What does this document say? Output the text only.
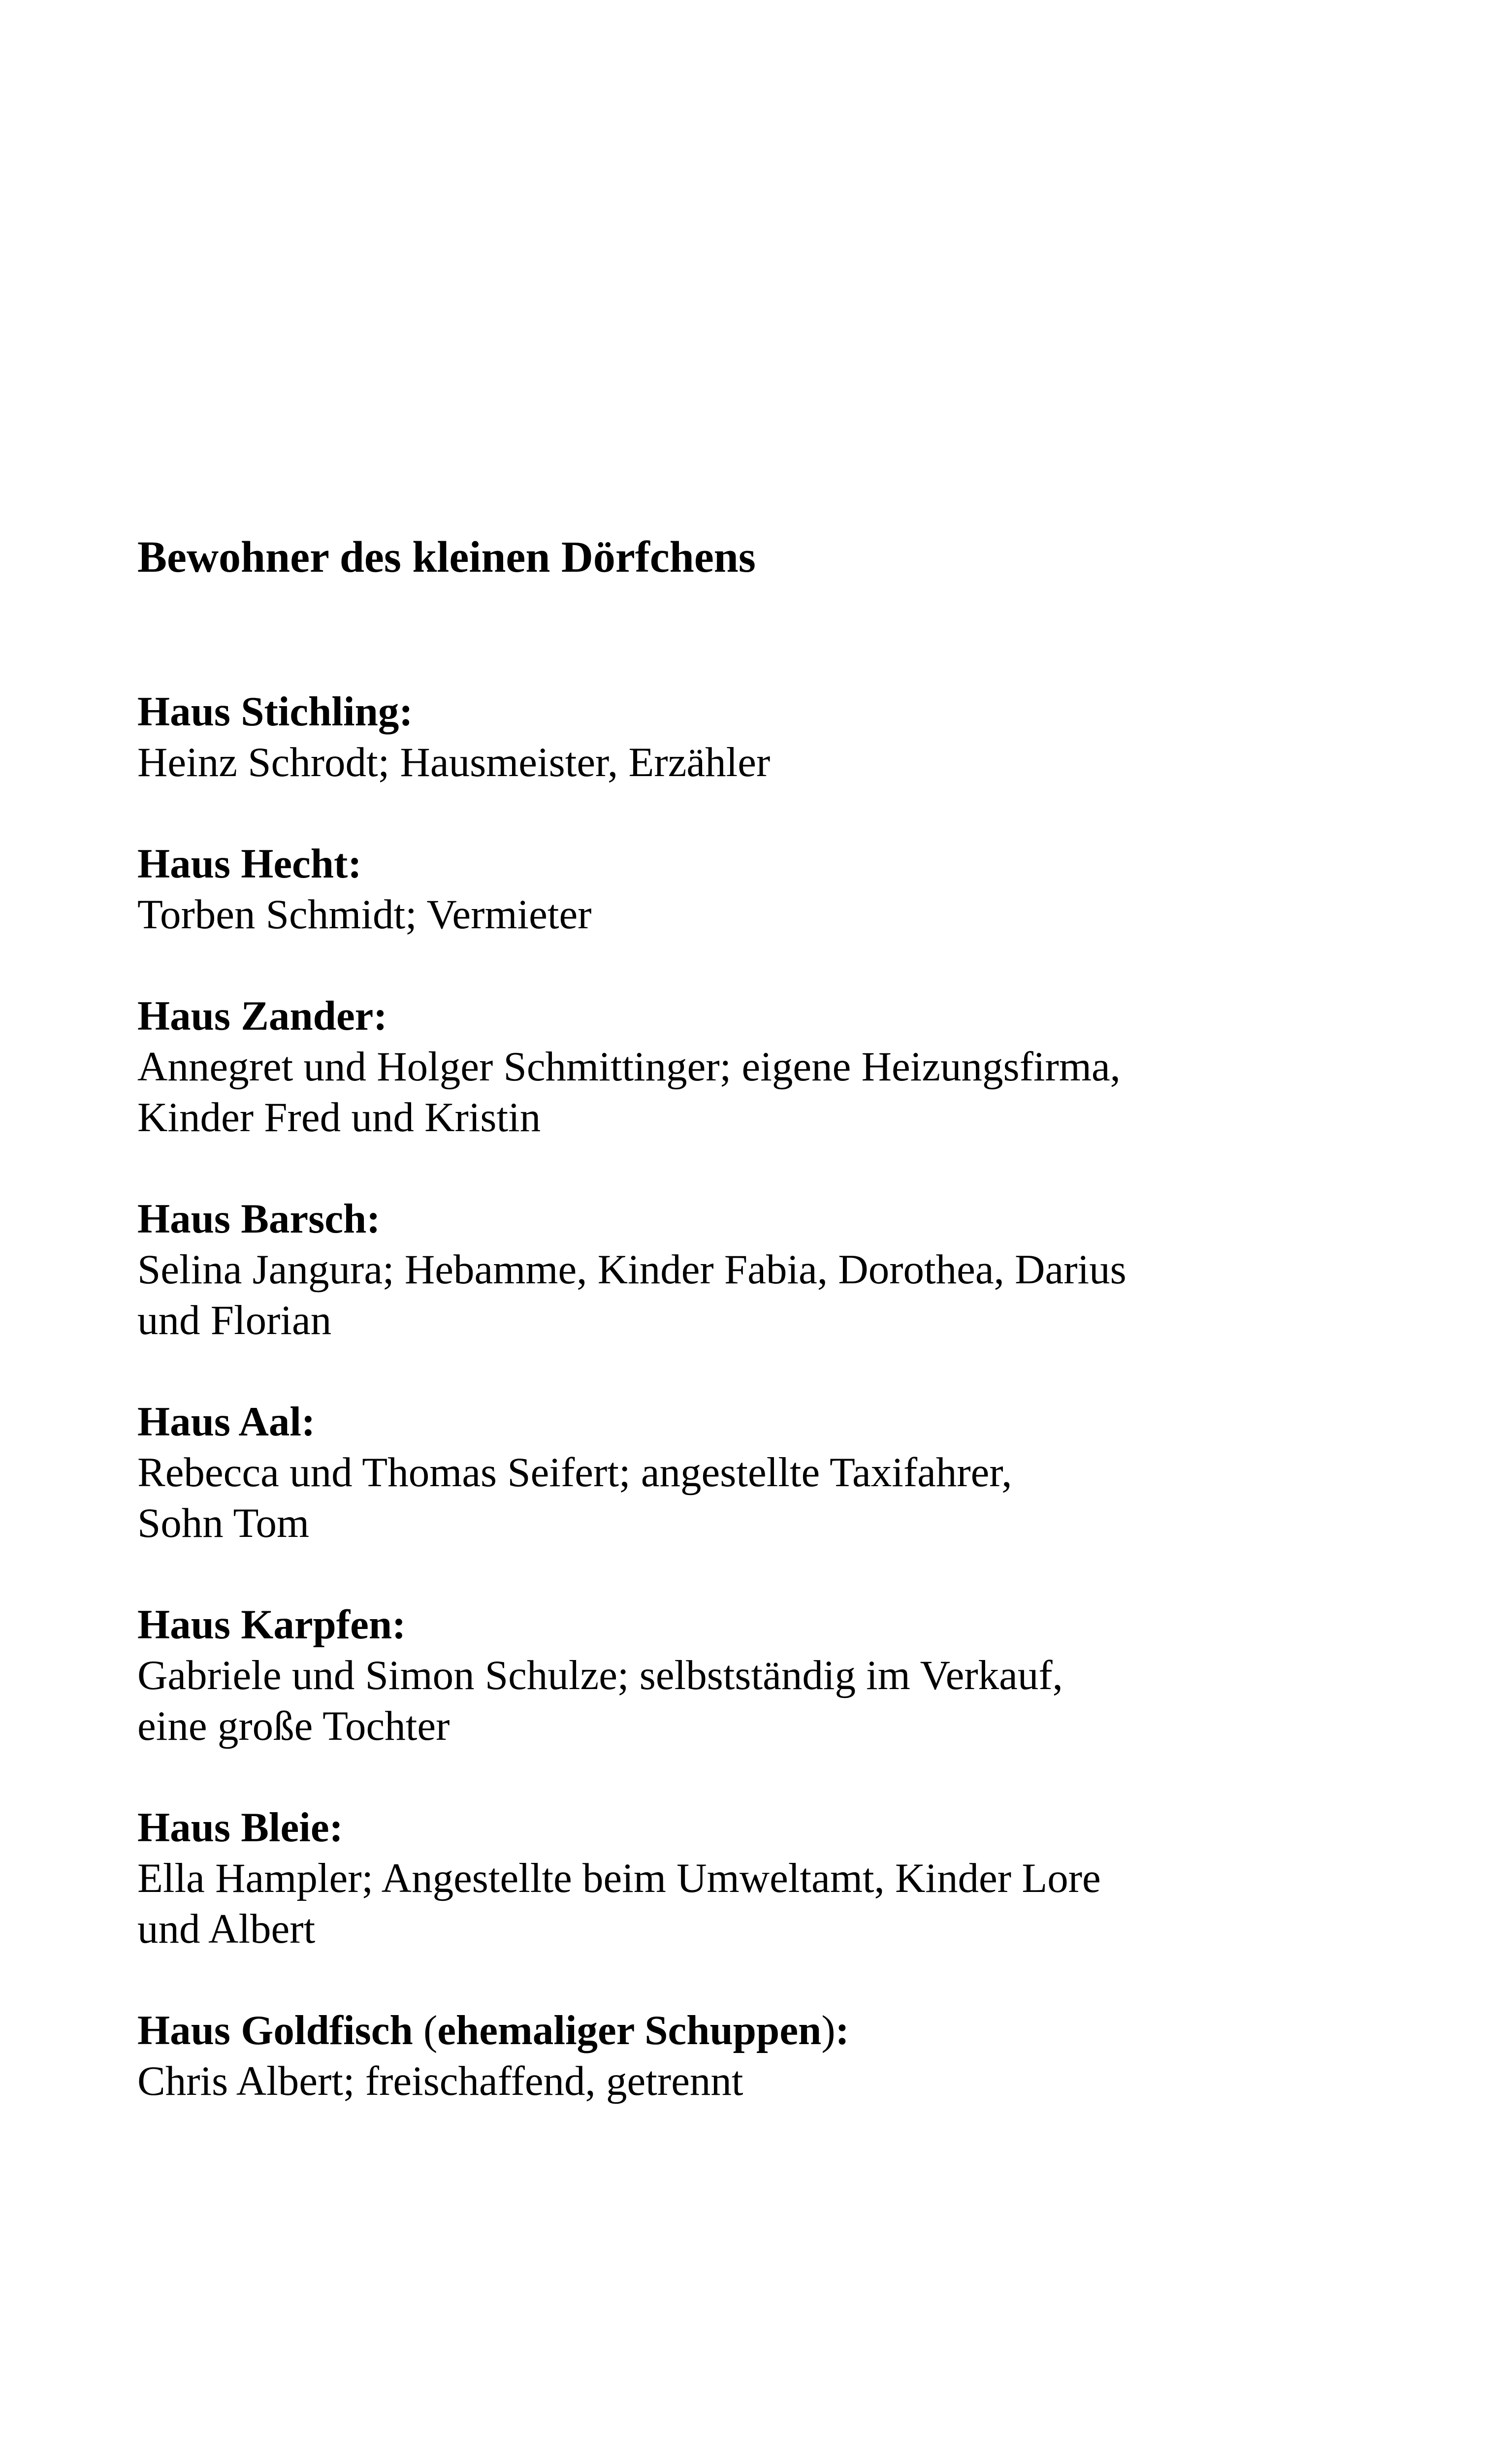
Bewohner des kleinen Dörfchens
Haus Stichling:
Heinz Schrodt; Hausmeister, Erzähler
Haus Hecht:
Torben Schmidt; Vermieter
Haus Zander:
Annegret und Holger Schmittinger; eigene Heizungsfirma,
Kinder Fred und Kristin
Haus Barsch:
Selina Jangura; Hebamme, Kinder Fabia, Dorothea, Darius
und Florian
Haus Aal:
Rebecca und Thomas Seifert; angestellte Taxifahrer,
Sohn Tom
Haus Karpfen:
Gabriele und Simon Schulze; selbstständig im Verkauf,
eine große Tochter
Haus Bleie:
Ella Hampler; Angestellte beim Umweltamt, Kinder Lore
und Albert
Haus Goldfisch (ehemaliger Schuppen):
Chris Albert; freischaffend, getrennt
